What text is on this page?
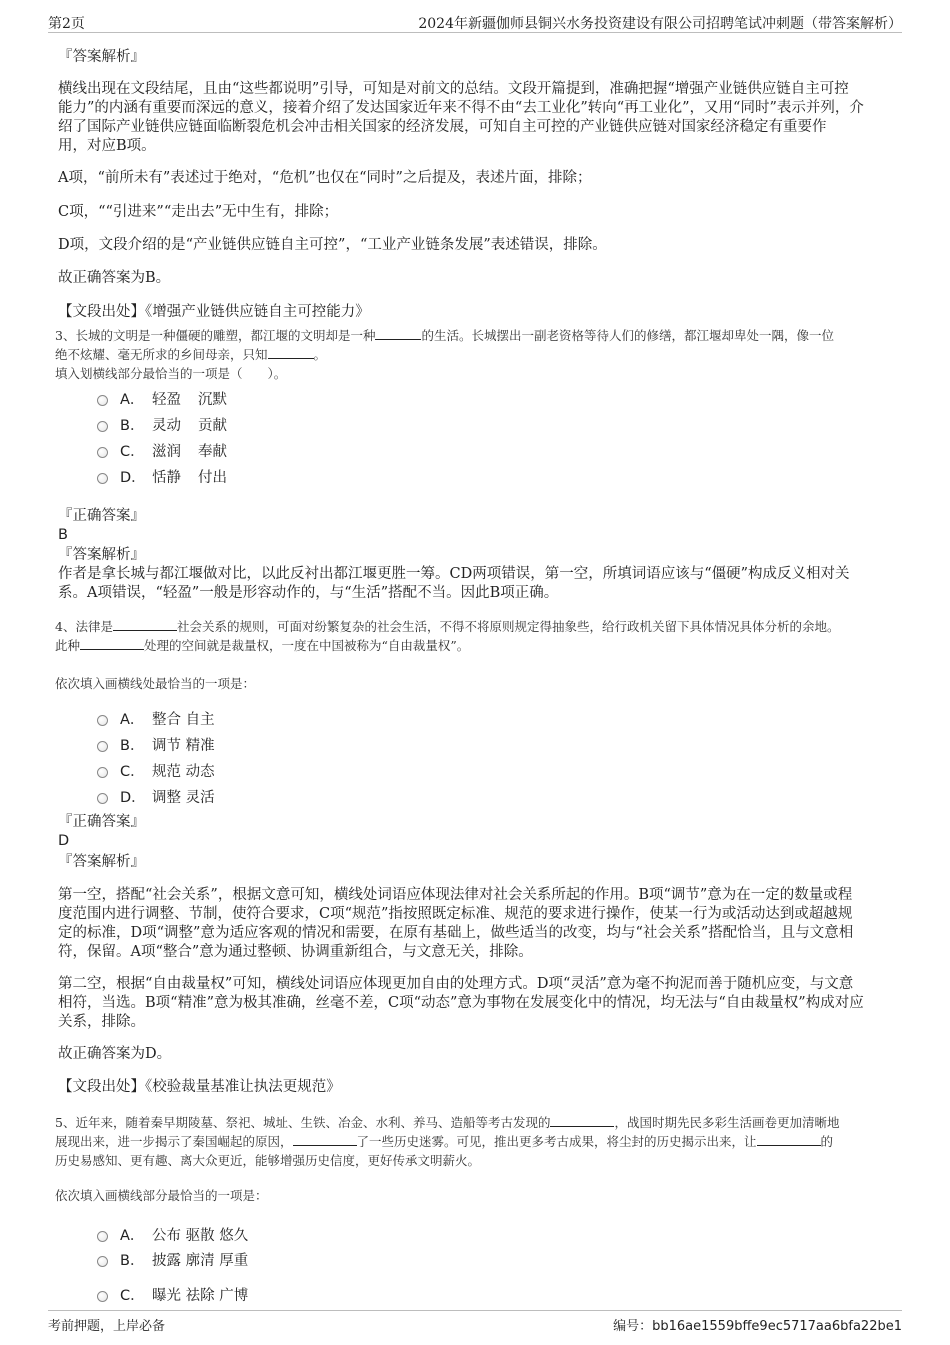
第2页	2024年新疆伽师县铜兴水务投资建设有限公司招聘笔试冲刺题（带答案解析）
『答案解析』
横线出现在文段结尾，且由“这些都说明”引导，可知是对前文的总结。文段开篇提到，准确把握“增强产业链供应链自主可控
能力”的内涵有重要而深远的意义，接着介绍了发达国家近年来不得不由“去工业化”转向“再工业化”，又用“同时”表示并列，介
绍了国际产业链供应链面临断裂危机会冲击相关国家的经济发展，可知自主可控的产业链供应链对国家经济稳定有重要作
用，对应B项。
A项，“前所未有”表述过于绝对，“危机”也仅在“同时”之后提及，表述片面，排除；
C项，““引进来”“走出去”无中生有，排除；
D项，文段介绍的是“产业链供应链自主可控”，“工业产业链条发展”表述错误，排除。
故正确答案为B。
【文段出处】《增强产业链供应链自主可控能力》
3、长城的文明是一种僵硬的雕塑，都江堰的文明却是一种	的生活。长城摆出一副老资格等待人们的修缮，都江堰却卑处一隅，像一位
绝不炫耀、毫无所求的乡间母亲，只知	。
填入划横线部分最恰当的一项是（　　）。
A． 轻盈	沉默
B． 灵动	贡献
C． 滋润	奉献
D． 恬静	付出
『正确答案』
B
『答案解析』
作者是拿长城与都江堰做对比，以此反衬出都江堰更胜一筹。CD两项错误，第一空，所填词语应该与“僵硬”构成反义相对关
系。A项错误，“轻盈”一般是形容动作的，与“生活”搭配不当。因此B项正确。
4、法律是	社会关系的规则，可面对纷繁复杂的社会生活，不得不将原则规定得抽象些，给行政机关留下具体情况具体分析的余地。
此种	处理的空间就是裁量权，一度在中国被称为“自由裁量权”。
依次填入画横线处最恰当的一项是：
A． 整合 自主
B． 调节 精准
C． 规范 动态
D． 调整 灵活
『正确答案』
D
『答案解析』
第一空，搭配“社会关系”，根据文意可知，横线处词语应体现法律对社会关系所起的作用。B项“调节”意为在一定的数量或程
度范围内进行调整、节制，使符合要求，C项“规范”指按照既定标准、规范的要求进行操作，使某一行为或活动达到或超越规
定的标准，D项“调整”意为适应客观的情况和需要，在原有基础上，做些适当的改变，均与“社会关系”搭配恰当，且与文意相
符，保留。A项“整合”意为通过整顿、协调重新组合，与文意无关，排除。
第二空，根据“自由裁量权”可知，横线处词语应体现更加自由的处理方式。D项“灵活”意为毫不拘泥而善于随机应变，与文意
相符，当选。B项“精准”意为极其准确，丝毫不差，C项“动态”意为事物在发展变化中的情况，均无法与“自由裁量权”构成对应
关系，排除。
故正确答案为D。
【文段出处】《校验裁量基准让执法更规范》
5、近年来，随着秦早期陵墓、祭祀、城址、生铁、冶金、水利、养马、造船等考古发现的	，战国时期先民多彩生活画卷更加清晰地
展现出来，进一步揭示了秦国崛起的原因，	了一些历史迷雾。可见，推出更多考古成果，将尘封的历史揭示出来，让	的
历史易感知、更有趣、离大众更近，能够增强历史信度，更好传承文明薪火。
依次填入画横线部分最恰当的一项是：
A． 公布 驱散 悠久
B． 披露 廓清 厚重
C． 曝光 祛除 广博
考前押题，上岸必备	编号：bb16ae1559bffe9ec5717aa6bfa22be1
